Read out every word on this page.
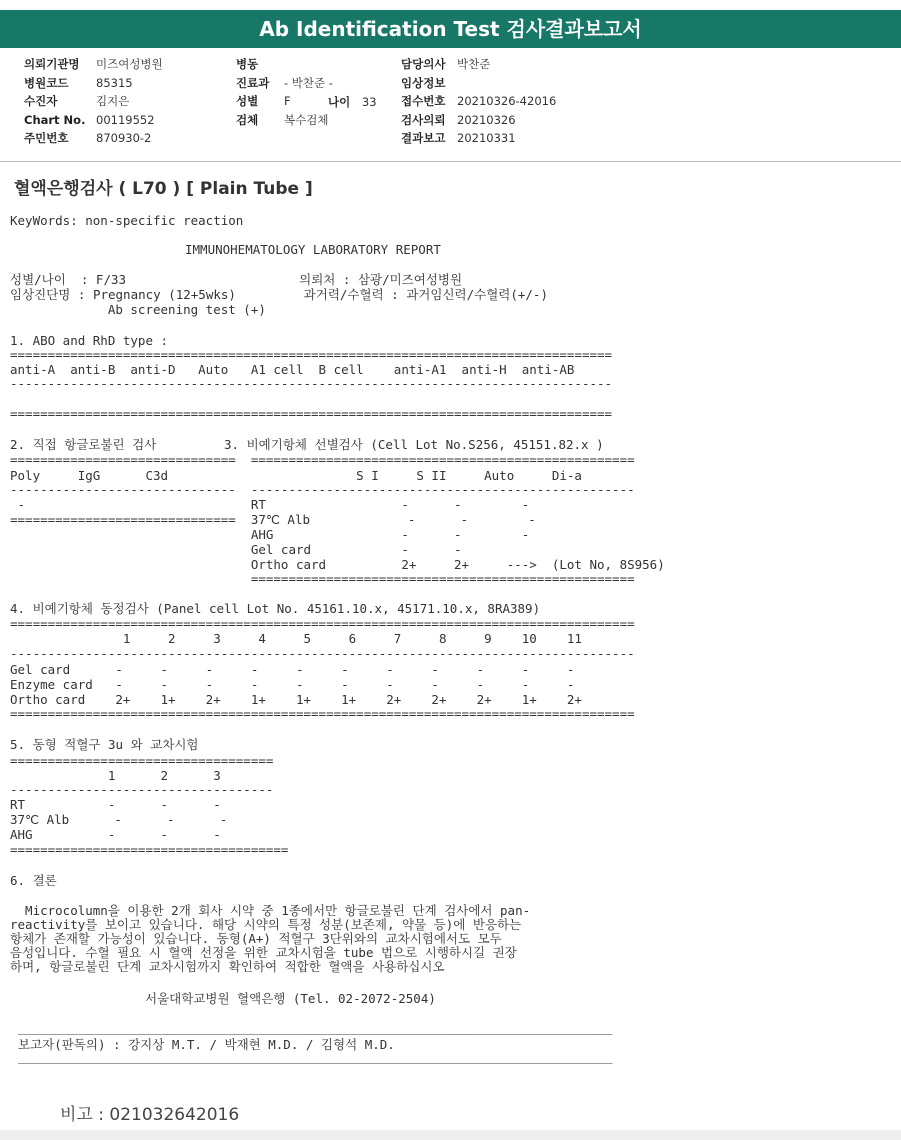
Ab Identification Test 검사결과보고서
의뢰기관명 미즈여성병원
병원코드 85315
수진자	김지은
Chart No. 00119552
주민번호 870930-2
병동
진료과 - 박찬준 -
성별 F
검체 복수검체
나이 33
담당의사 박찬준
임상정보
접수번호 20210326-42016
검사의뢰 20210326
결과보고 20210331
혈액은행검사 ( L70 ) [ Plain Tube ]
KeyWords: non-specific reaction
IMMUNOHEMATOLOGY LABORATORY REPORT
성별/나이  : F/33                       의뢰처 : 삼광/미즈여성병원
임상진단명 : Pregnancy (12+5wks)         과거력/수혈력 : 과거임신력/수혈력(+/-)
Ab screening test (+)
1. ABO and RhD type :
================================================================================
anti-A  anti-B  anti-D   Auto   A1 cell  B cell    anti-A1  anti-H  anti-AB
--------------------------------------------------------------------------------
================================================================================
2. 직접 항글로불린 검사         3. 비예기항체 선별검사 (Cell Lot No.S256, 45151.82.x )
==============================  ===================================================
Poly     IgG      C3d                         S I     S II     Auto     Di-a
------------------------------  ---------------------------------------------------
-                              RT                  -      -        -
==============================  37℃ Alb             -      -        -
AHG                 -      -        -
Gel card            -      -
Ortho card          2+     2+     --->  (Lot No, 8S956)
===================================================
4. 비예기항체 동정검사 (Panel cell Lot No. 45161.10.x, 45171.10.x, 8RA389)
===================================================================================
1     2     3     4     5     6     7     8     9    10    11
-----------------------------------------------------------------------------------
Gel card      -     -     -     -     -     -     -     -     -     -     -
Enzyme card   -     -     -     -     -     -     -     -     -     -     -
Ortho card    2+    1+    2+    1+    1+    1+    2+    2+    2+    1+    2+
===================================================================================
5. 동형 적혈구 3u 와 교차시험
===================================
1      2      3
-----------------------------------
RT           -      -      -
37℃ Alb      -      -      -
AHG          -      -      -
=====================================
6. 결론
Microcolumn을 이용한 2개 회사 시약 중 1종에서만 항글로불린 단계 검사에서 pan-
reactivity를 보이고 있습니다. 해당 시약의 특정 성분(보존제, 약물 등)에 반응하는
항체가 존재할 가능성이 있습니다. 동형(A+) 적혈구 3단위와의 교차시험에서도 모두
음성입니다. 수혈 필요 시 혈액 선정을 위한 교차시험을 tube 법으로 시행하시길 권장
하며, 항글로불린 단계 교차시험까지 확인하여 적합한 혈액을 사용하십시오
서울대학교병원 혈액은행 (Tel. 02-2072-2504)
_______________________________________________________________________________
보고자(판독의) : 강지상 M.T. / 박재현 M.D. / 김형석 M.D.
_______________________________________________________________________________
비고 : 021032642016
